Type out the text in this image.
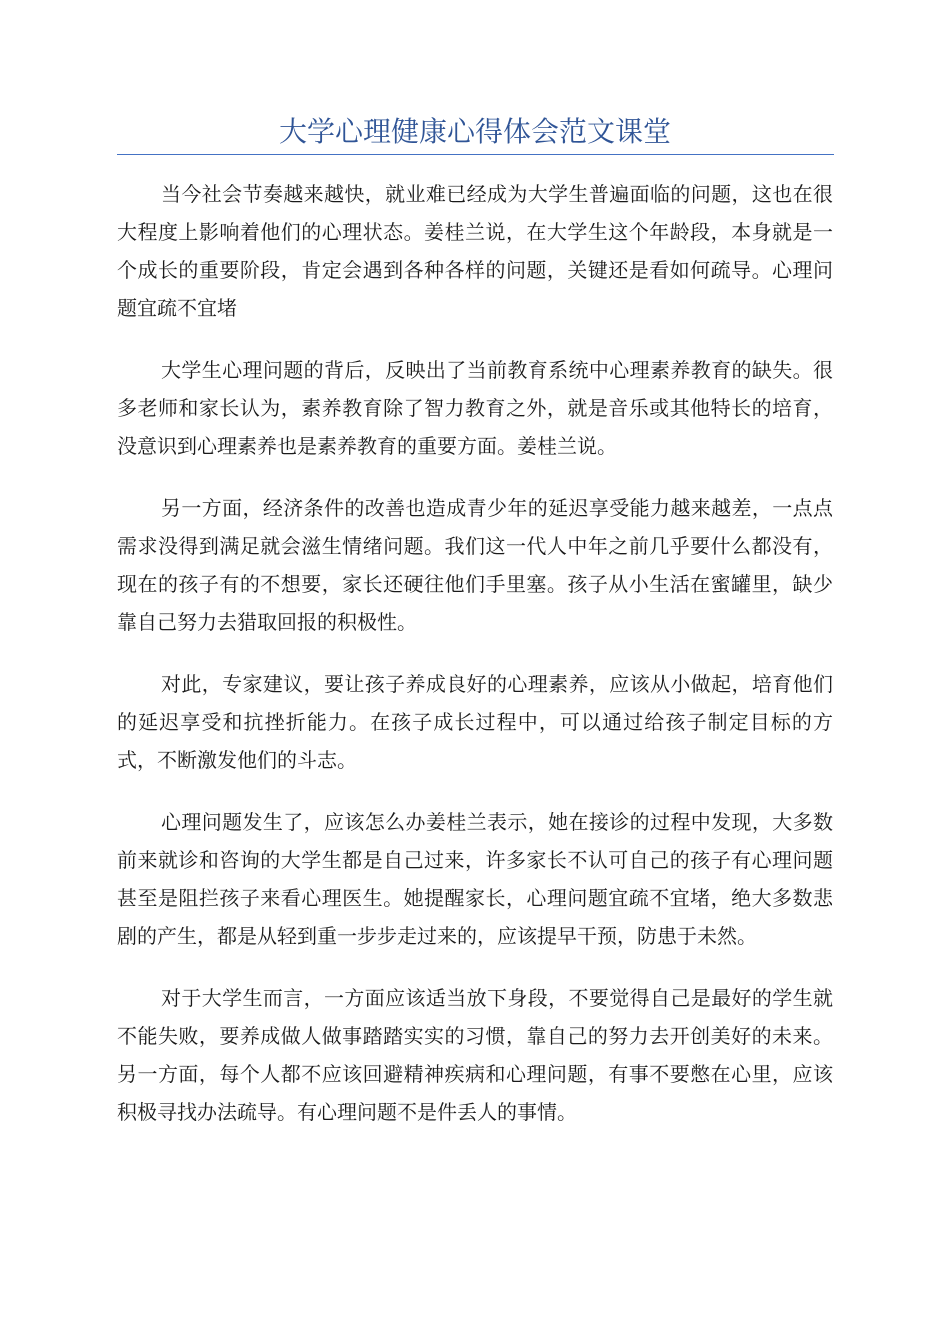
大学心理健康心得体会范文课堂

当今社会节奏越来越快，就业难已经成为大学生普遍面临的问题，这也在很大程度上影响着他们的心理状态。姜桂兰说，在大学生这个年龄段，本身就是一个成长的重要阶段，肯定会遇到各种各样的问题，关键还是看如何疏导。心理问题宜疏不宜堵

大学生心理问题的背后，反映出了当前教育系统中心理素养教育的缺失。很多老师和家长认为，素养教育除了智力教育之外，就是音乐或其他特长的培育，没意识到心理素养也是素养教育的重要方面。姜桂兰说。

另一方面，经济条件的改善也造成青少年的延迟享受能力越来越差，一点点需求没得到满足就会滋生情绪问题。我们这一代人中年之前几乎要什么都没有，现在的孩子有的不想要，家长还硬往他们手里塞。孩子从小生活在蜜罐里，缺少靠自己努力去猎取回报的积极性。

对此，专家建议，要让孩子养成良好的心理素养，应该从小做起，培育他们的延迟享受和抗挫折能力。在孩子成长过程中，可以通过给孩子制定目标的方式，不断激发他们的斗志。

心理问题发生了，应该怎么办姜桂兰表示，她在接诊的过程中发现，大多数前来就诊和咨询的大学生都是自己过来，许多家长不认可自己的孩子有心理问题甚至是阻拦孩子来看心理医生。她提醒家长，心理问题宜疏不宜堵，绝大多数悲剧的产生，都是从轻到重一步步走过来的，应该提早干预，防患于未然。

对于大学生而言，一方面应该适当放下身段，不要觉得自己是最好的学生就不能失败，要养成做人做事踏踏实实的习惯，靠自己的努力去开创美好的未来。另一方面，每个人都不应该回避精神疾病和心理问题，有事不要憋在心里，应该积极寻找办法疏导。有心理问题不是件丢人的事情。
